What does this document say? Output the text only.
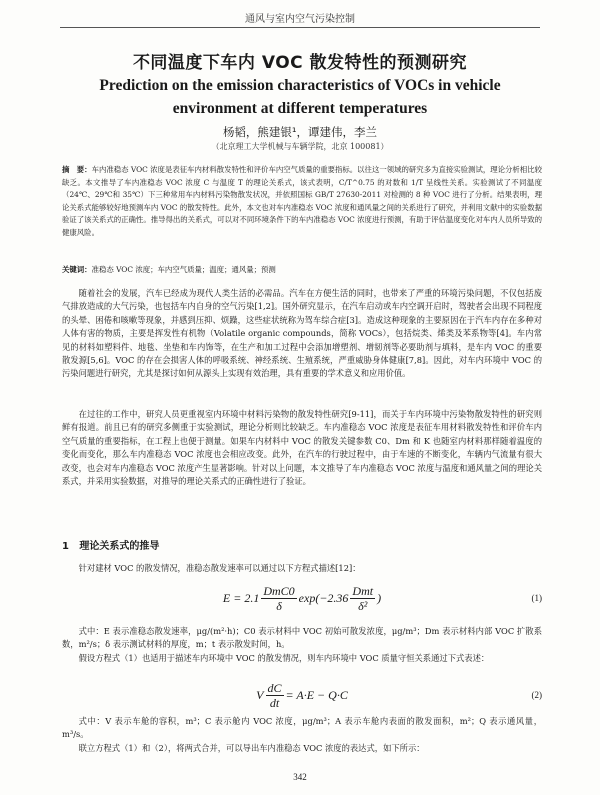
通风与室内空气污染控制
不同温度下车内 VOC 散发特性的预测研究
Prediction on the emission characteristics of VOCs in vehicle environment at different temperatures
杨韬，熊建银¹，谭建伟，李兰
（北京理工大学机械与车辆学院，北京 100081）
摘　要：车内准稳态 VOC 浓度是表征车内材料散发特性和评价车内空气质量的重要指标。以往这一领域的研究多为直接实验测试，理论分析相比较缺乏。本文推导了车内准稳态 VOC 浓度 C 与温度 T 的理论关系式，该式表明，C/T^0.75 的对数和 1/T 呈线性关系。实验测试了不同温度（24℃、29℃和 35℃）下三种常用车内材料污染物散发状况，并依照国标 GB/T 27630-2011 对检测的 8 种 VOC 进行了分析。结果表明，理论关系式能够较好地预测车内 VOC 的散发特性。此外，本文也对车内准稳态 VOC 浓度和通风量之间的关系进行了研究，并利用文献中的实验数据验证了该关系式的正确性。推导得出的关系式，可以对不同环境条件下的车内准稳态 VOC 浓度进行预测，有助于评估温度变化对车内人员所导致的健康风险。
关键词：准稳态 VOC 浓度；车内空气质量；温度；通风量；预测

随着社会的发展，汽车已经成为现代人类生活的必需品。汽车在方便生活的同时，也带来了严重的环境污染问题，不仅包括废气排放造成的大气污染，也包括车内自身的空气污染[1,2]。国外研究显示，在汽车启动或车内空调开启时，驾驶者会出现不同程度的头晕、困倦和咳嗽等现象，并感到压抑、烦躁，这些症状统称为驾车综合症[3]。造成这种现象的主要原因在于汽车内存在多种对人体有害的物质，主要是挥发性有机物（Volatile organic compounds，简称 VOCs），包括烷类、烯类及苯系物等[4]。车内常见的材料如塑料件、地毯、坐垫和车内饰等，在生产和加工过程中会添加增塑剂、增韧剂等必要助剂与填料，是车内 VOC 的重要散发源[5,6]。VOC 的存在会损害人体的呼吸系统、神经系统、生殖系统，严重威胁身体健康[7,8]。因此，对车内环境中 VOC 的污染问题进行研究，尤其是探讨如何从源头上实现有效治理，具有重要的学术意义和应用价值。

在过往的工作中，研究人员更重视室内环境中材料污染物的散发特性研究[9-11]，而关于车内环境中污染物散发特性的研究则鲜有报道。前且已有的研究多侧重于实验测试，理论分析则比较缺乏。车内准稳态 VOC 浓度是表征车用材料散发特性和评价车内空气质量的重要指标，在工程上也便于测量。如果车内材料中 VOC 的散发关键参数 C0、Dm 和 K 也随室内材料那样随着温度的变化而变化，那么车内准稳态 VOC 浓度也会相应改变。此外，在汽车的行驶过程中，由于车速的不断变化，车辆内气流量有很大改变，也会对车内准稳态 VOC 浓度产生显著影响。针对以上问题，本文推导了车内准稳态 VOC 浓度与温度和通风量之间的理论关系式，并采用实验数据，对推导的理论关系式的正确性进行了验证。

1 理论关系式的推导

针对建材 VOC 的散发情况，准稳态散发速率可以通过以下方程式描述[12]：

$E = 2.1 \frac{\text{DmC0}}{\delta} \exp(-2.36 \frac{\text{Dmt}}{\text{δ²}}$ )	(1)

式中：E 表示准稳态散发速率，μg/(m²·h)；C0 表示材料中 VOC 初始可散发浓度，μg/m³；Dm 表示材料内部 VOC 扩散系数，m²/s；δ 表示测试材料的厚度，m；t 表示散发时间，h。

假设方程式（1）也适用于描述车内环境中 VOC 的散发情况，则车内环境中 VOC 质量守恒关系通过下式表述：

V $\frac{dC}{dt} = A\cdot E - Q\cdot C$	(2)

式中：V 表示车舱的容积，m³；C 表示舱内 VOC 浓度，μg/m³；A 表示车舱内表面的散发面积，m²；Q 表示通风量，m³/s。

联立方程式（1）和（2），将两式合并，可以导出车内准稳态 VOC 浓度的表达式，如下所示：

342
